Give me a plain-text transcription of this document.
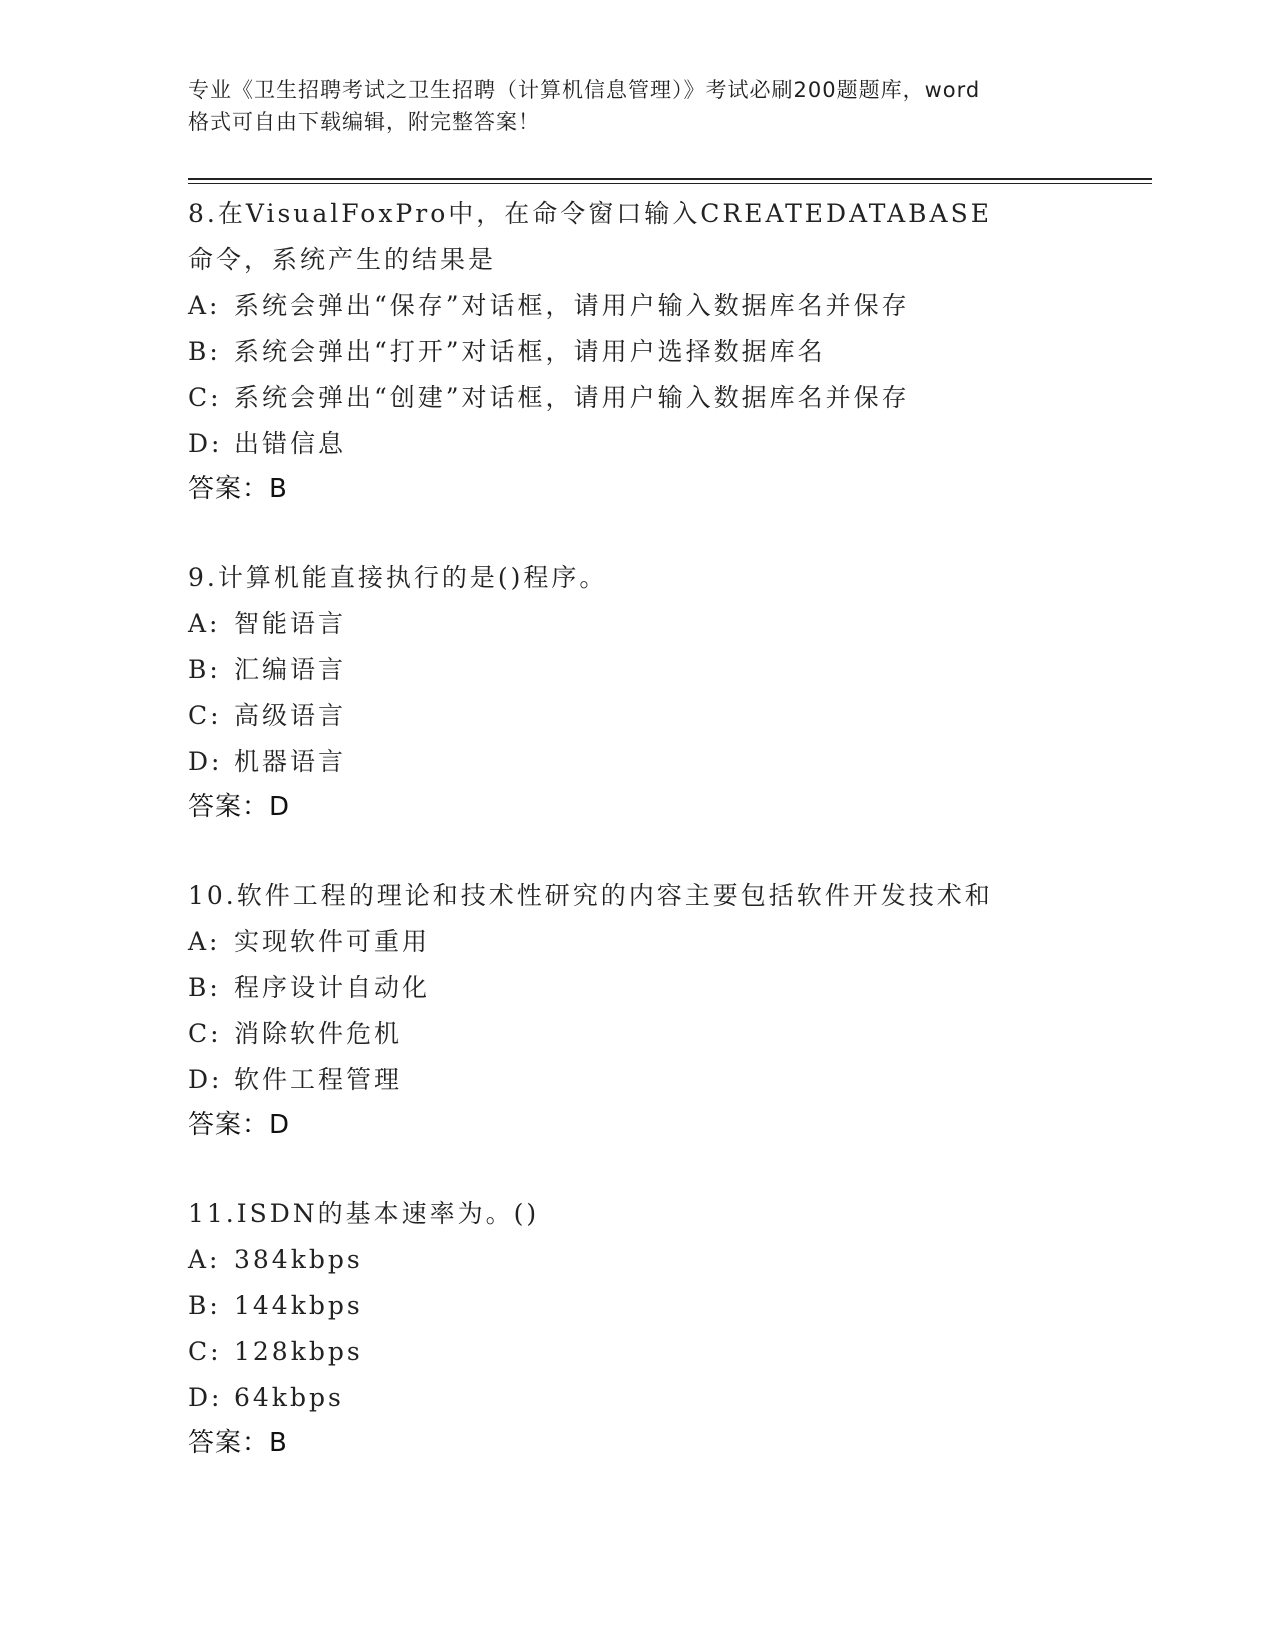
专业《卫生招聘考试之卫生招聘（计算机信息管理）》考试必刷200题题库，word
格式可自由下载编辑，附完整答案！
8.在VisualFoxPro中，在命令窗口输入CREATEDATABASE命令，系统产生的结果是
A: 系统会弹出“保存”对话框，请用户输入数据库名并保存
B: 系统会弹出“打开”对话框，请用户选择数据库名
C: 系统会弹出“创建”对话框，请用户输入数据库名并保存
D: 出错信息
答案：B
9.计算机能直接执行的是()程序。
A: 智能语言
B: 汇编语言
C: 高级语言
D: 机器语言
答案：D
10.软件工程的理论和技术性研究的内容主要包括软件开发技术和
A: 实现软件可重用
B: 程序设计自动化
C: 消除软件危机
D: 软件工程管理
答案：D
11.ISDN的基本速率为。()
A: 384kbps
B: 144kbps
C: 128kbps
D: 64kbps
答案：B
